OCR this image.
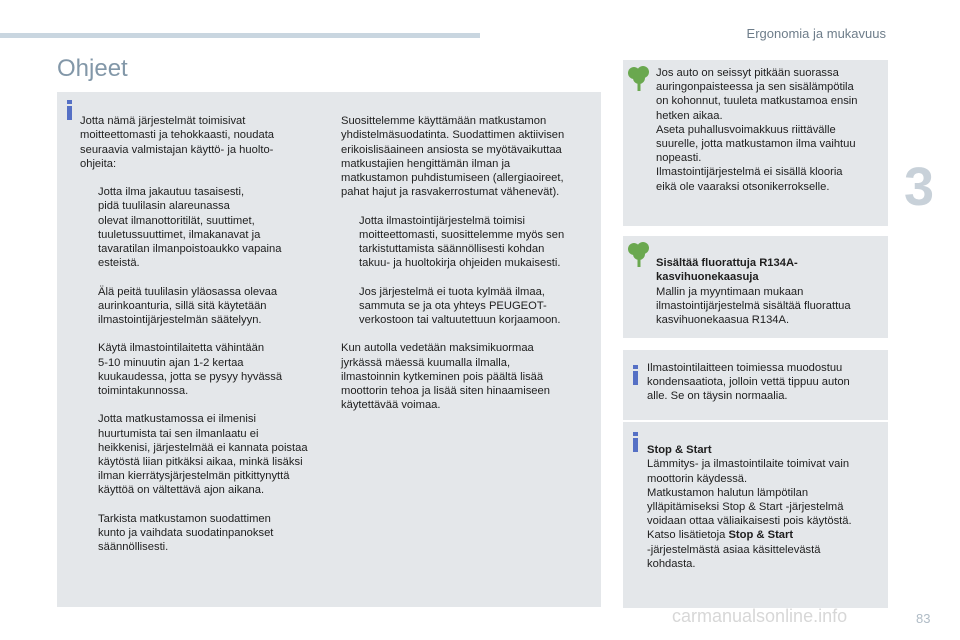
Ergonomia ja mukavuus
Ohjeet

Jotta nämä järjestelmät toimisivat
moitteettomasti ja tehokkaasti, noudata
seuraavia valmistajan käyttö- ja huolto-
ohjeita:

Jotta ilma jakautuu tasaisesti,
pidä tuulilasin alareunassa
olevat ilmanottoritilät, suuttimet,
tuuletussuuttimet, ilmakanavat ja
tavaratilan ilmanpoistoaukko vapaina
esteistä.

Älä peitä tuulilasin yläosassa olevaa
aurinkoanturia, sillä sitä käytetään
ilmastointijärjestelmän säätelyyn.

Käytä ilmastointilaitetta vähintään
5-10 minuutin ajan 1-2 kertaa
kuukaudessa, jotta se pysyy hyvässä
toimintakunnossa.

Jotta matkustamossa ei ilmenisi
huurtumista tai sen ilmanlaatu ei
heikkenisi, järjestelmää ei kannata poistaa
käytöstä liian pitkäksi aikaa, minkä lisäksi
ilman kierrätysjärjestelmän pitkittynyttä
käyttöä on vältettävä ajon aikana.

Tarkista matkustamon suodattimen
kunto ja vaihdata suodatinpanokset
säännöllisesti.

Suosittelemme käyttämään matkustamon
yhdistelmäsuodatinta. Suodattimen aktiivisen
erikoislisäaineen ansiosta se myötävaikuttaa
matkustajien hengittämän ilman ja
matkustamon puhdistumiseen (allergiaoireet,
pahat hajut ja rasvakerrostumat vähenevät).

Jotta ilmastointijärjestelmä toimisi
moitteettomasti, suosittelemme myös sen
tarkistuttamista säännöllisesti kohdan
takuu- ja huoltokirja ohjeiden mukaisesti.

Jos järjestelmä ei tuota kylmää ilmaa,
sammuta se ja ota yhteys PEUGEOT-
verkostoon tai valtuutettuun korjaamoon.

Kun autolla vedetään maksimikuormaa
jyrkässä mäessä kuumalla ilmalla,
ilmastoinnin kytkeminen pois päältä lisää
moottorin tehoa ja lisää siten hinaamiseen
käytettävää voimaa.

Jos auto on seissyt pitkään suorassa
auringonpaisteessa ja sen sisälämpötila
on kohonnut, tuuleta matkustamoa ensin
hetken aikaa.
Aseta puhallusvoimakkuus riittävälle
suurelle, jotta matkustamon ilma vaihtuu
nopeasti.
Ilmastointijärjestelmä ei sisällä klooria
eikä ole vaaraksi otsonikerrokselle.

Sisältää fluorattuja R134A-
kasvihuonekaasuja

Mallin ja myyntimaan mukaan
ilmastointijärjestelmä sisältää fluorattua
kasvihuonekaasua R134A.

Ilmastointilaitteen toimiessa muodostuu
kondensaatiota, jolloin vettä tippuu auton
alle. Se on täysin normaalia.

Stop & Start

Lämmitys- ja ilmastointilaite toimivat vain
moottorin käydessä.
Matkustamon halutun lämpötilan
ylläpitämiseksi Stop & Start -järjestelmä
voidaan ottaa väliaikaisesti pois käytöstä.
Katso lisätietoja Stop & Start
-järjestelmästä asiaa käsittelevästä
kohdasta.

3
carmanualsonline.info	83
